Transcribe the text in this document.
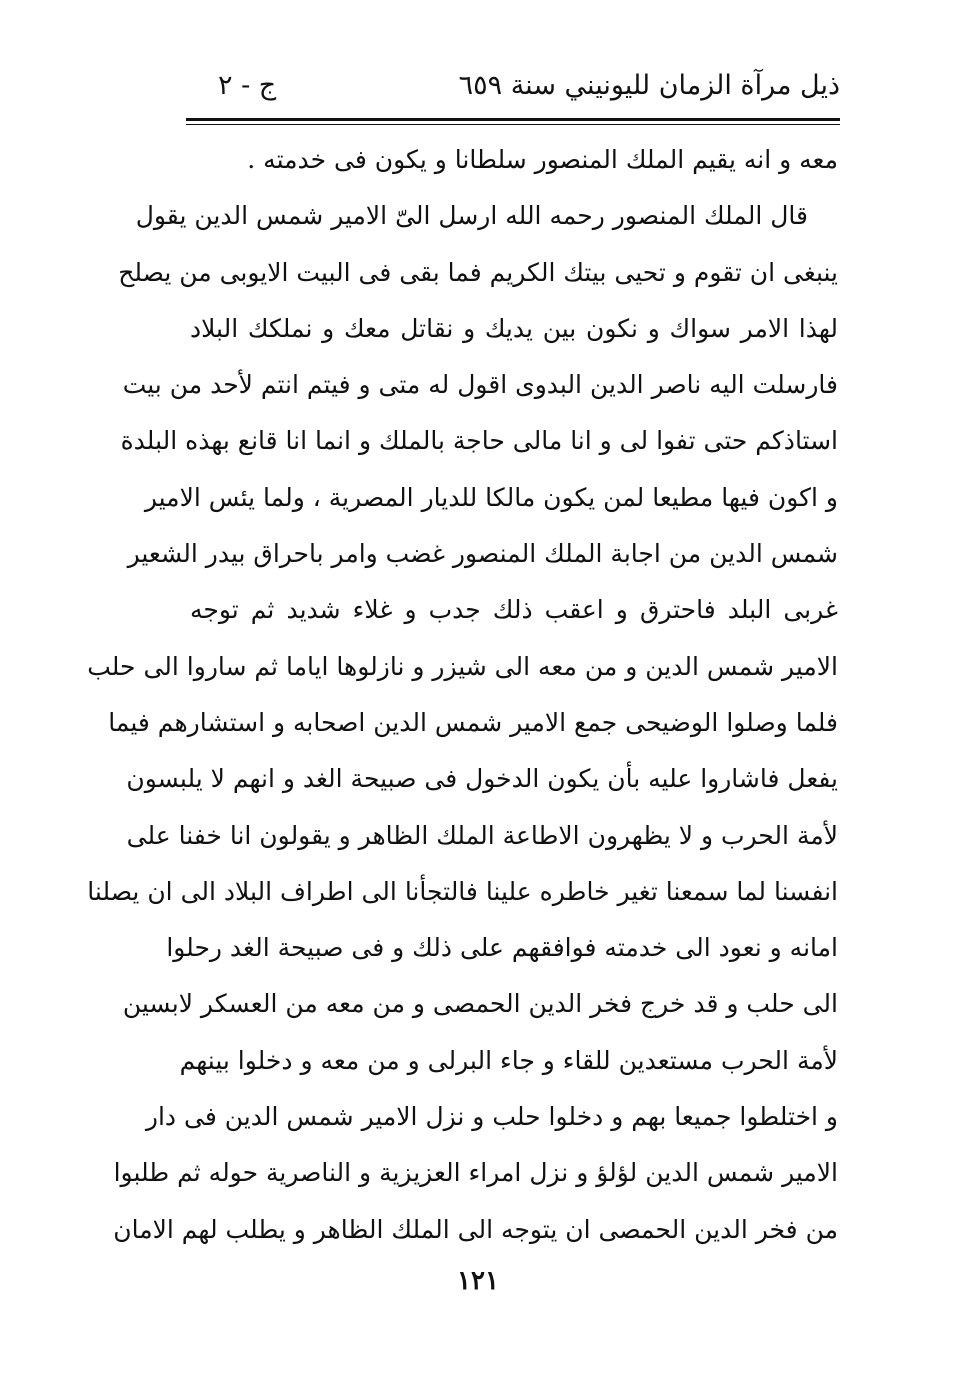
ذيل مرآة الزمان لليونيني سنة ٦٥٩
ج - ٢
معه و انه يقيم الملك المنصور سلطانا و يكون فى خدمته .
قال الملك المنصور رحمه الله ارسل الىّ الامير شمس الدين يقول
ينبغى ان تقوم و تحيى بيتك الكريم فما بقى فى البيت الايوبى من يصلح
لهذا الامر سواك و نكون بين يديك و نقاتل معك و نملكك البلاد
فارسلت اليه ناصر الدين البدوى اقول له متى و فيتم انتم لأحد من بيت
استاذكم حتى تفوا لى و انا مالى حاجة بالملك و انما انا قانع بهذه البلدة
و اكون فيها مطيعا لمن يكون مالكا للديار المصرية ، ولما يئس الامير
شمس الدين من اجابة الملك المنصور غضب وامر باحراق بيدر الشعير
غربى البلد فاحترق و اعقب ذلك جدب و غلاء شديد ثم توجه
الامير شمس الدين و من معه الى شيزر و نازلوها اياما ثم ساروا الى حلب
فلما وصلوا الوضيحى جمع الامير شمس الدين اصحابه و استشارهم فيما
يفعل فاشاروا عليه بأن يكون الدخول فى صبيحة الغد و انهم لا يلبسون
لأمة الحرب و لا يظهرون الاطاعة الملك الظاهر و يقولون انا خفنا على
انفسنا لما سمعنا تغير خاطره علينا فالتجأنا الى اطراف البلاد الى ان يصلنا
امانه و نعود الى خدمته فوافقهم على ذلك و فى صبيحة الغد رحلوا
الى حلب و قد خرج فخر الدين الحمصى و من معه من العسكر لابسين
لأمة الحرب مستعدين للقاء و جاء البرلى و من معه و دخلوا بينهم
و اختلطوا جميعا بهم و دخلوا حلب و نزل الامير شمس الدين فى دار
الامير شمس الدين لؤلؤ و نزل امراء العزيزية و الناصرية حوله ثم طلبوا
من فخر الدين الحمصى ان يتوجه الى الملك الظاهر و يطلب لهم الامان
١٢١
